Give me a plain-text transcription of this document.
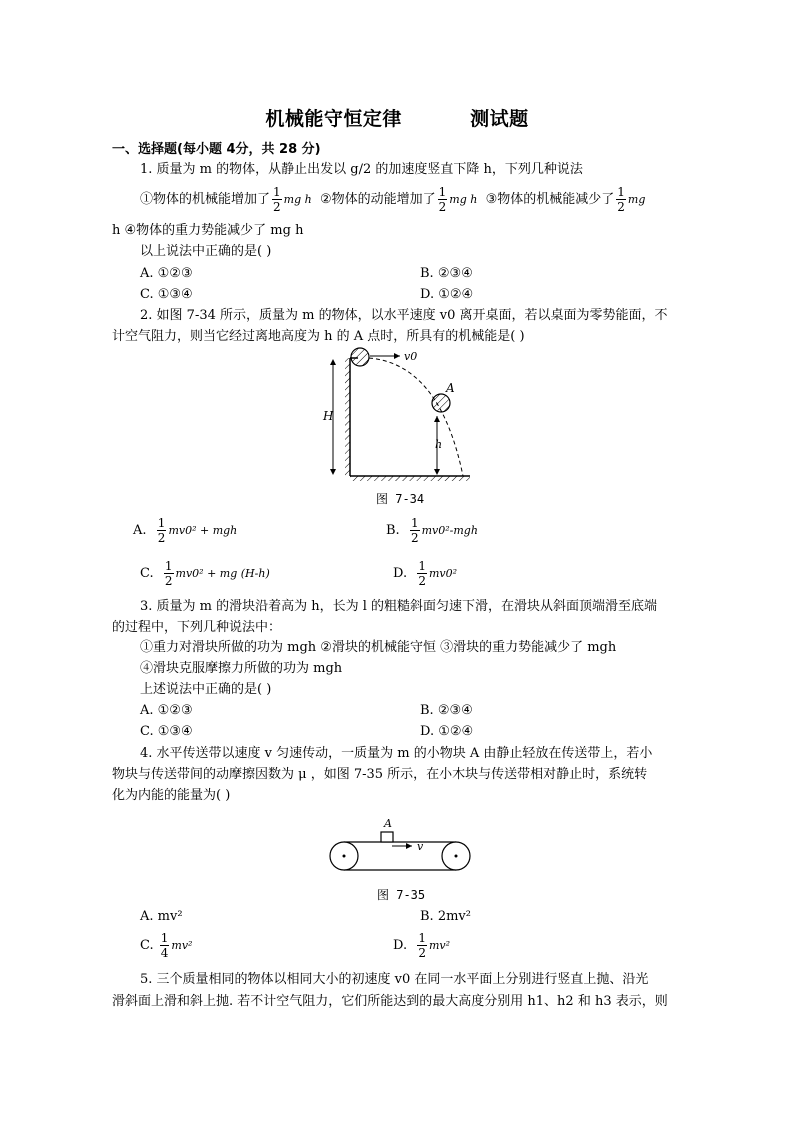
机械能守恒定律	测试题
一、选择题(每小题 4分，共 28 分)
1. 质量为 m 的物体，从静止出发以 g/2 的加速度竖直下降 h，下列几种说法
①物体的机械能增加了 $\frac{1}{2}$ mg h ②物体的动能增加了 $\frac{1}{2}$ mg h ③物体的机械能减少了 $\frac{1}{2}$ mg
h ④物体的重力势能减少了 mg h
以上说法中正确的是( )
A. ①②③	B. ②③④
C. ①③④	D. ①②④
2. 如图 7-34 所示，质量为 m 的物体，以水平速度 v0 离开桌面，若以桌面为零势能面，不
计空气阻力，则当它经过离地高度为 h 的 A 点时，所具有的机械能是( )
v0
A
H
h
图 7-34
A. $\frac{1}{2} mv0^2$ + mgh	B. $\frac{1}{2} mv0^2-mgh$
C. $\frac{1}{2} mv0^2$ + mg (H-h)	D. $\frac{1}{2} mv0^2$
3. 质量为 m 的滑块沿着高为 h，长为 l 的粗糙斜面匀速下滑，在滑块从斜面顶端滑至底端
的过程中，下列几种说法中：
①重力对滑块所做的功为 mgh ②滑块的机械能守恒 ③滑块的重力势能减少了 mgh
④滑块克服摩擦力所做的功为 mgh
上述说法中正确的是( )
A. ①②③	B. ②③④
C. ①③④	D. ①②④
4. 水平传送带以速度 v 匀速传动，一质量为 m 的小物块 A 由静止轻放在传送带上，若小
物块与传送带间的动摩擦因数为 μ ，如图 7-35 所示，在小木块与传送带相对静止时，系统转
化为内能的能量为( )
A
v
图 7-35
A. mv²	B. 2mv²
C. $\frac{1}{4} mv^2$	D. $\frac{1}{2} mv^2$
5. 三个质量相同的物体以相同大小的初速度 v0 在同一水平面上分别进行竖直上抛、沿光
滑斜面上滑和斜上抛. 若不计空气阻力，它们所能达到的最大高度分别用 h1、h2 和 h3 表示，则
